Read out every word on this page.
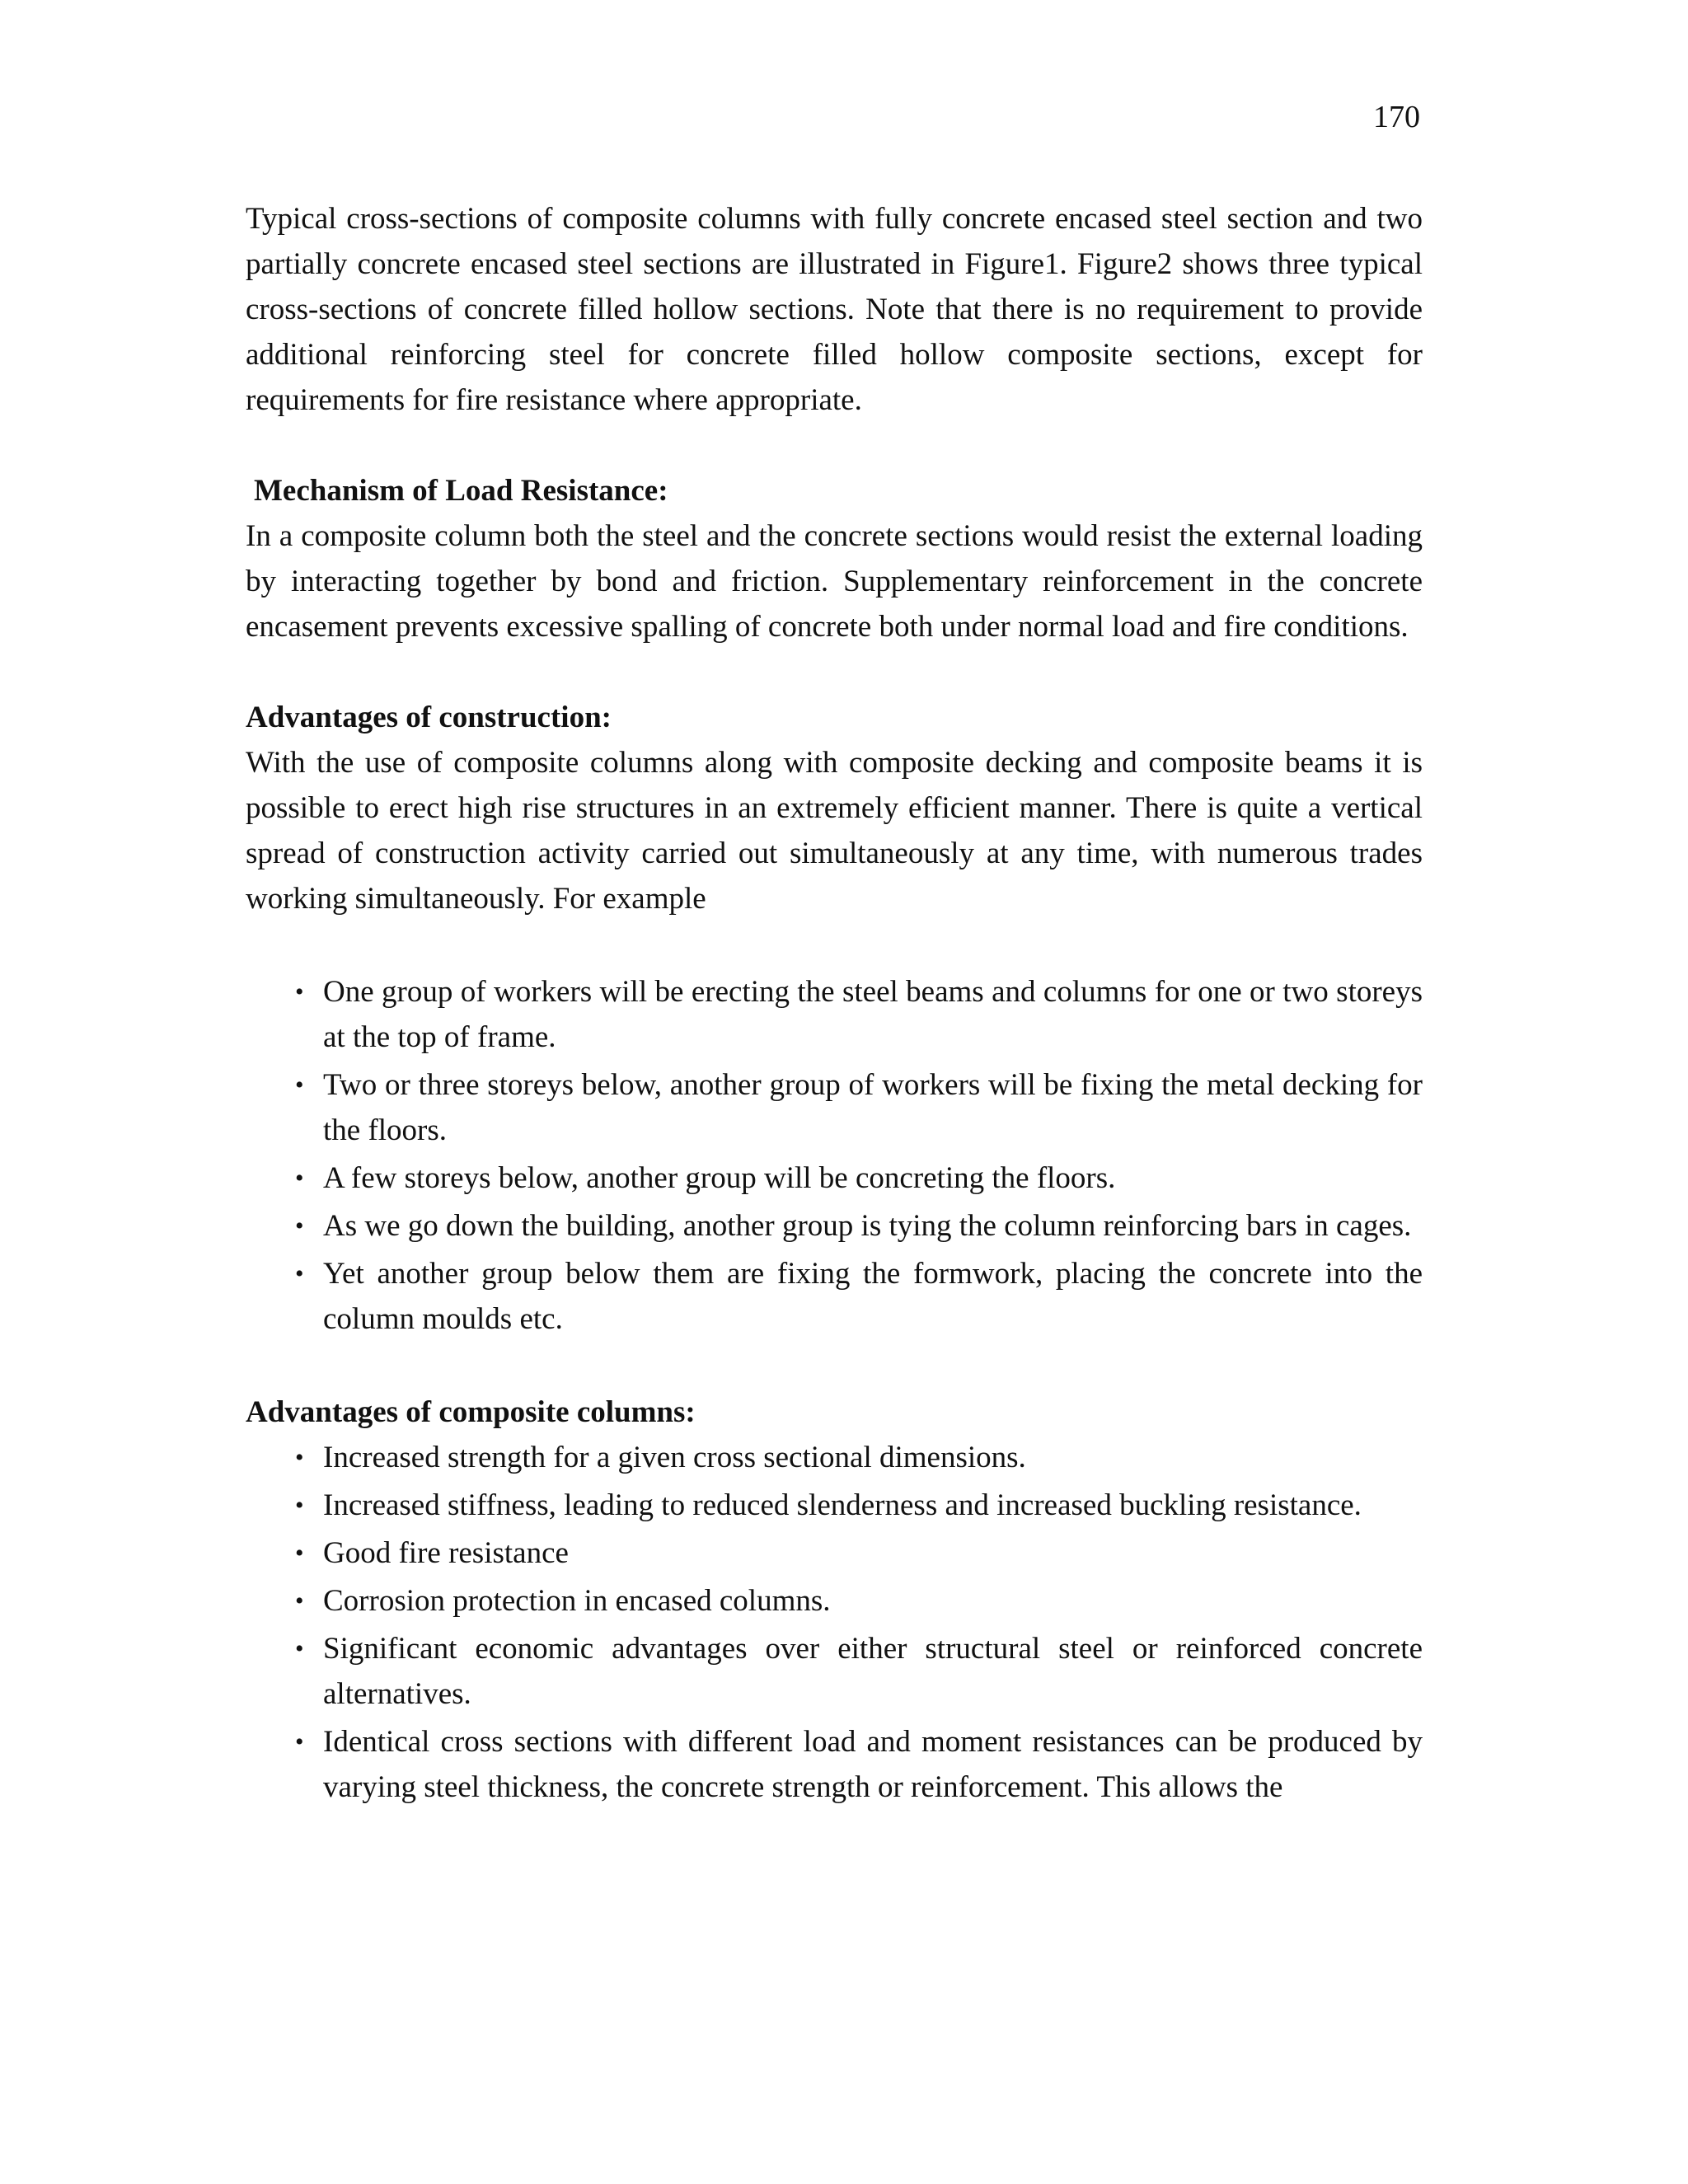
170

Typical cross-sections of composite columns with fully concrete encased steel section and two partially concrete encased steel sections are illustrated in Figure1. Figure2 shows three typical cross-sections of concrete filled hollow sections. Note that there is no requirement to provide additional reinforcing steel for concrete filled hollow composite sections, except for requirements for fire resistance where appropriate.

Mechanism of Load Resistance:

In a composite column both the steel and the concrete sections would resist the external loading by interacting together by bond and friction. Supplementary reinforcement in the concrete encasement prevents excessive spalling of concrete both under normal load and fire conditions.

Advantages of construction:

With the use of composite columns along with composite decking and composite beams it is possible to erect high rise structures in an extremely efficient manner. There is quite a vertical spread of construction activity carried out simultaneously at any time, with numerous trades working simultaneously. For example

• One group of workers will be erecting the steel beams and columns for one or two storeys at the top of frame.
• Two or three storeys below, another group of workers will be fixing the metal decking for the floors.
• A few storeys below, another group will be concreting the floors.
• As we go down the building, another group is tying the column reinforcing bars in cages.
• Yet another group below them are fixing the formwork, placing the concrete into the column moulds etc.

Advantages of composite columns:

• Increased strength for a given cross sectional dimensions.
• Increased stiffness, leading to reduced slenderness and increased buckling resistance.
• Good fire resistance
• Corrosion protection in encased columns.
• Significant economic advantages over either structural steel or reinforced concrete alternatives.
• Identical cross sections with different load and moment resistances can be produced by varying steel thickness, the concrete strength or reinforcement. This allows the
